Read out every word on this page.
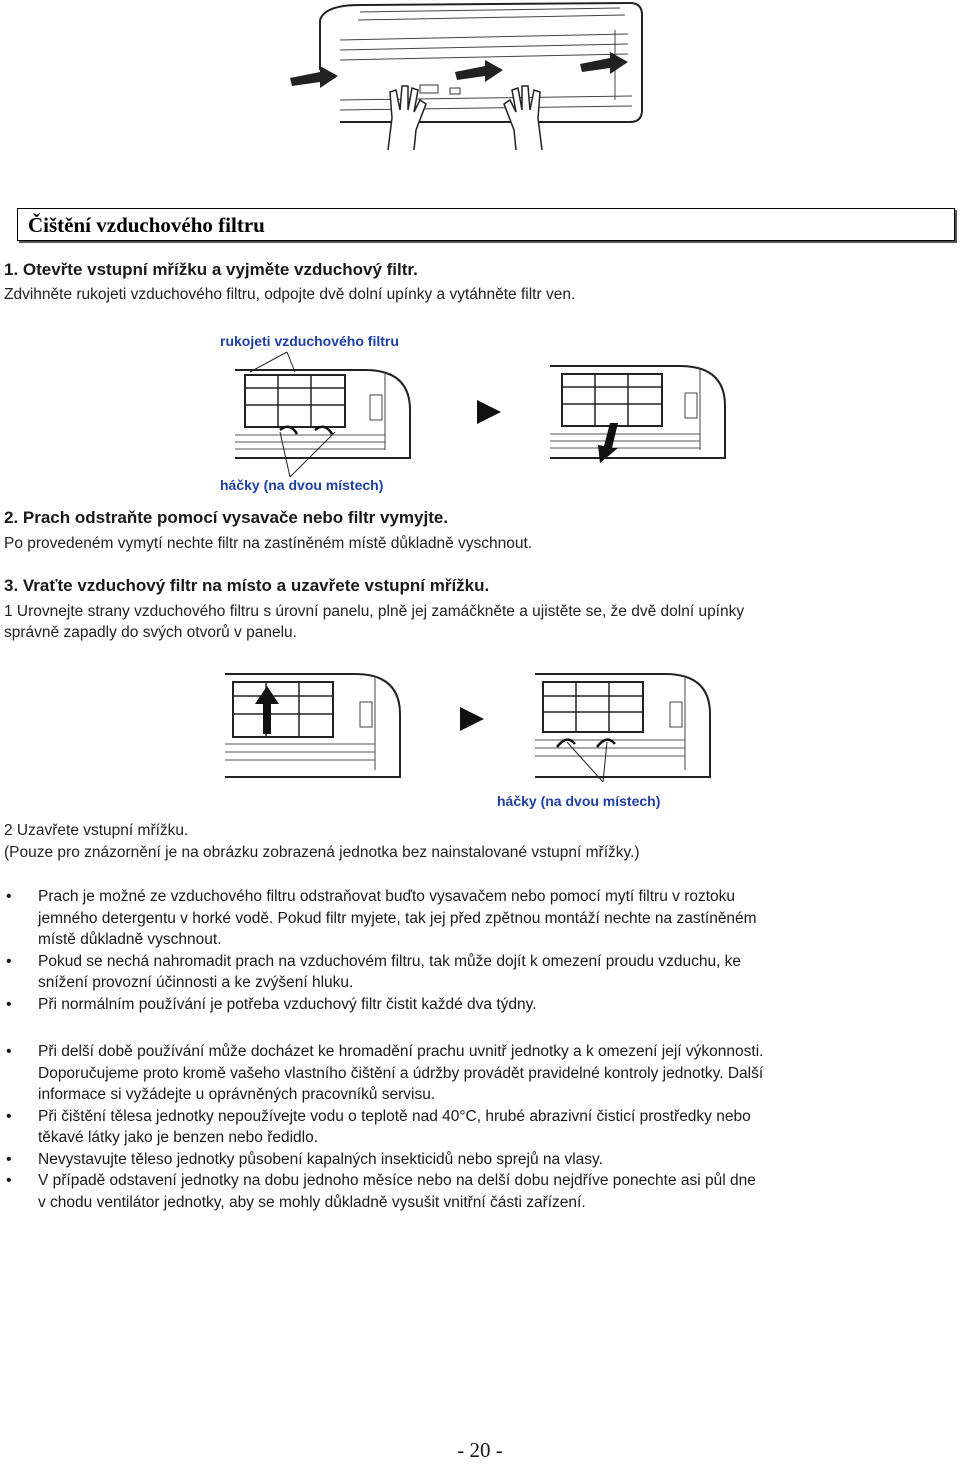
Čištění vzduchového filtru
1. Otevřte vstupní mřížku a vyjměte vzduchový filtr.
Zdvihněte rukojeti vzduchového filtru, odpojte dvě dolní upínky a vytáhněte filtr ven.
rukojeti vzduchového filtru
háčky (na dvou místech)
2. Prach odstraňte pomocí vysavače nebo filtr vymyjte.
Po provedeném vymytí nechte filtr na zastíněném místě důkladně vyschnout.
3. Vraťte vzduchový filtr na místo a uzavřete vstupní mřížku.
1 Urovnejte strany vzduchového filtru s úrovní panelu, plně jej zamáčkněte a ujistěte se, že dvě dolní upínky
správně zapadly do svých otvorů v panelu.
háčky (na dvou místech)
2 Uzavřete vstupní mřížku.
(Pouze pro znázornění je na obrázku zobrazená jednotka bez nainstalované vstupní mřížky.)
• Prach je možné ze vzduchového filtru odstraňovat buďto vysavačem nebo pomocí mytí filtru v roztoku
jemného detergentu v horké vodě. Pokud filtr myjete, tak jej před zpětnou montáží nechte na zastíněném
místě důkladně vyschnout.
• Pokud se nechá nahromadit prach na vzduchovém filtru, tak může dojít k omezení proudu vzduchu, ke
snížení provozní účinnosti a ke zvýšení hluku.
• Při normálním používání je potřeba vzduchový filtr čistit každé dva týdny.
• Při delší době používání může docházet ke hromadění prachu uvnitř jednotky a k omezení její výkonnosti.
Doporučujeme proto kromě vašeho vlastního čištění a údržby provádět pravidelné kontroly jednotky. Další
informace si vyžádejte u oprávněných pracovníků servisu.
• Při čištění tělesa jednotky nepoužívejte vodu o teplotě nad 40°C, hrubé abrazivní čisticí prostředky nebo
těkavé látky jako je benzen nebo ředidlo.
• Nevystavujte těleso jednotky působení kapalných insekticidů nebo sprejů na vlasy.
• V případě odstavení jednotky na dobu jednoho měsíce nebo na delší dobu nejdříve ponechte asi půl dne
v chodu ventilátor jednotky, aby se mohly důkladně vysušit vnitřní části zařízení.
- 20 -
